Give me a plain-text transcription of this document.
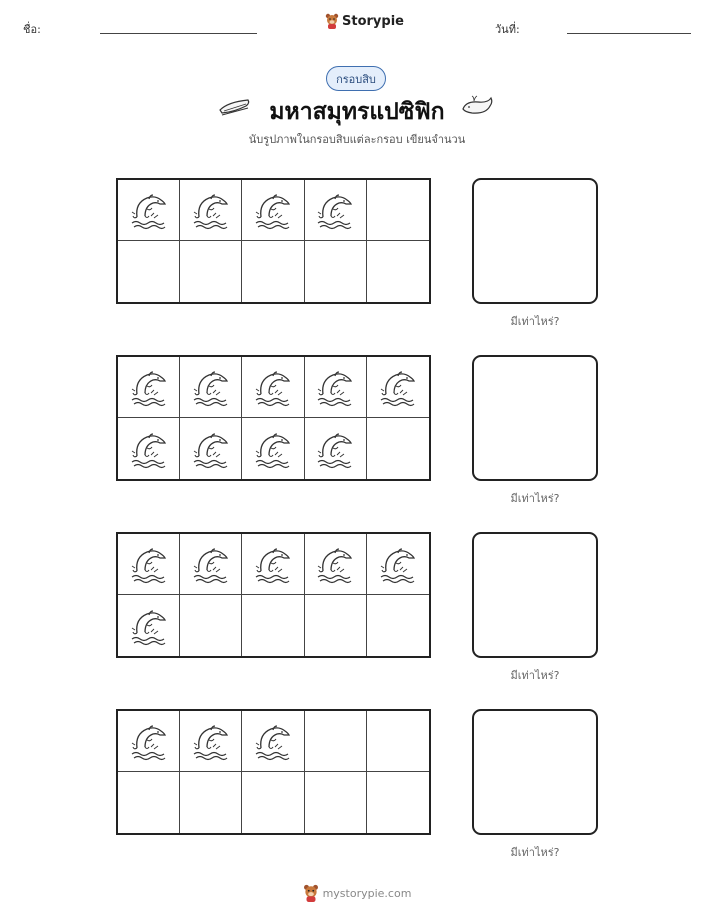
ชื่อ:
Storypie
วันที่:
กรอบสิบ
มหาสมุทรแปซิฟิก
นับรูปภาพในกรอบสิบแต่ละกรอบ เขียนจำนวน
มีเท่าไหร่?
มีเท่าไหร่?
มีเท่าไหร่?
มีเท่าไหร่?
mystorypie.com
